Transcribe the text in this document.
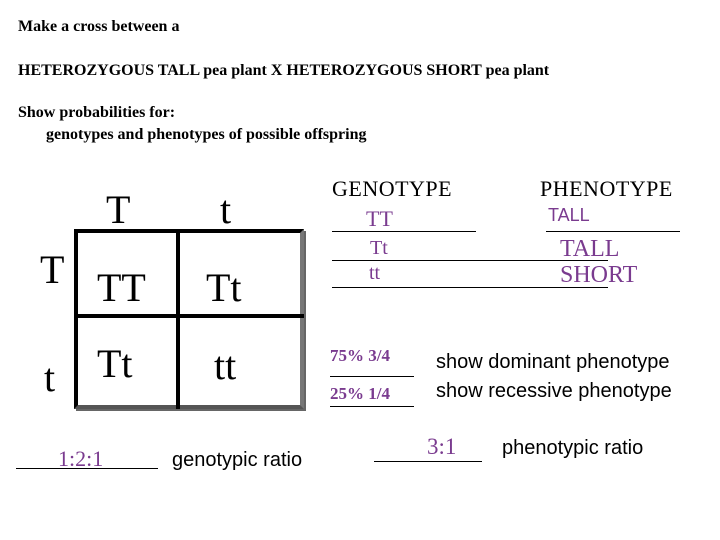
Make a cross between a
HETEROZYGOUS TALL pea plant X HETEROZYGOUS SHORT pea plant
Show probabilities for:
genotypes and phenotypes of possible offspring
T t
T
t
TT Tt
Tt tt
1:2:1	genotypic ratio
GENOTYPE
TT
Tt
tt
PHENOTYPE
TALL
TALL
SHORT
75% 3/4 show dominant phenotype
25% 1/4 show recessive phenotype
3:1 phenotypic ratio
